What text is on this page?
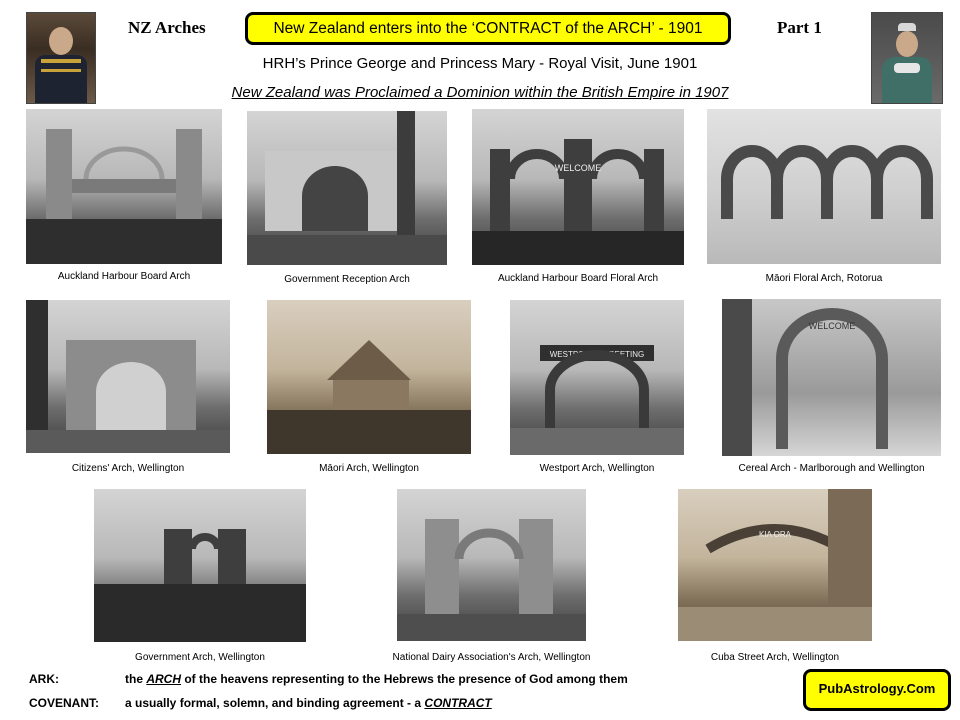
NZ Arches	New Zealand enters into the ‘CONTRACT of the ARCH’ - 1901	Part 1
HRH’s Prince George and Princess Mary - Royal Visit, June 1901
New Zealand was Proclaimed a Dominion within the British Empire in 1907
Auckland Harbour Board Arch	Government Reception Arch
WELCOME
Auckland Harbour Board Floral Arch	Māori Floral Arch, Rotorua
Citizens' Arch, Wellington	Māori Arch, Wellington
WESTPORTS GREETING
Westport Arch, Wellington
WELCOME
Cereal Arch - Marlborough and Wellington
Government Arch, Wellington	National Dairy Association's Arch, Wellington
KIA ORA
Cuba Street Arch, Wellington
ARK:	the ARCH of the heavens representing to the Hebrews the presence of God among them
COVENANT: a usually formal, solemn, and binding agreement - a CONTRACT
PubAstrology.Com
